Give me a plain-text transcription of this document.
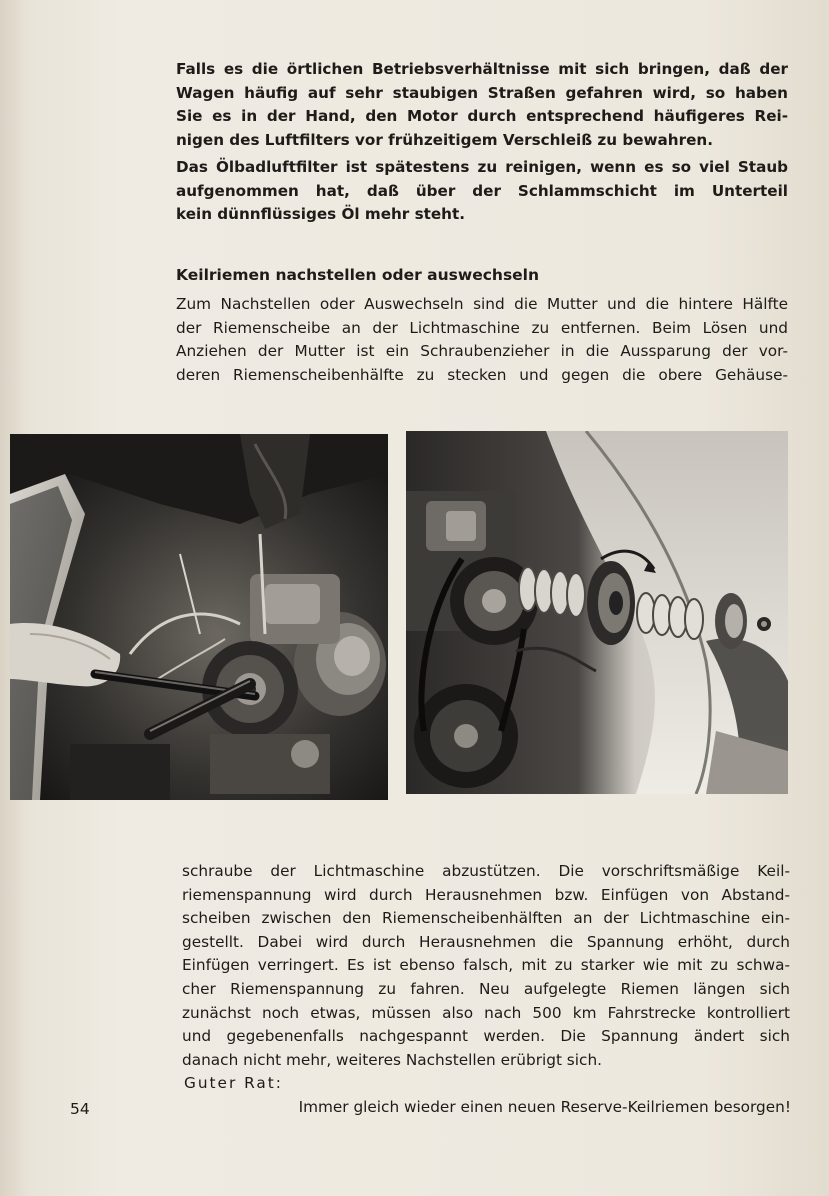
Falls es die örtlichen Betriebsverhältnisse mit sich bringen, daß der
Wagen häufig auf sehr staubigen Straßen gefahren wird, so haben
Sie es in der Hand, den Motor durch entsprechend häufigeres Rei-
nigen des Luftfilters vor frühzeitigem Verschleiß zu bewahren.
Das Ölbadluftfilter ist spätestens zu reinigen, wenn es so viel Staub
aufgenommen hat, daß über der Schlammschicht im Unterteil
kein dünnflüssiges Öl mehr steht.
Keilriemen nachstellen oder auswechseln
Zum Nachstellen oder Auswechseln sind die Mutter und die hintere Hälfte
der Riemenscheibe an der Lichtmaschine zu entfernen. Beim Lösen und
Anziehen der Mutter ist ein Schraubenzieher in die Aussparung der vor-
deren Riemenscheibenhälfte zu stecken und gegen die obere Gehäuse-
schraube der Lichtmaschine abzustützen. Die vorschriftsmäßige Keil-
riemenspannung wird durch Herausnehmen bzw. Einfügen von Abstand-
scheiben zwischen den Riemenscheibenhälften an der Lichtmaschine ein-
gestellt. Dabei wird durch Herausnehmen die Spannung erhöht, durch
Einfügen verringert. Es ist ebenso falsch, mit zu starker wie mit zu schwa-
cher Riemenspannung zu fahren. Neu aufgelegte Riemen längen sich
zunächst noch etwas, müssen also nach 500 km Fahrstrecke kontrolliert
und gegebenenfalls nachgespannt werden. Die Spannung ändert sich
danach nicht mehr, weiteres Nachstellen erübrigt sich.
Guter Rat:
54	Immer gleich wieder einen neuen Reserve-Keilriemen besorgen!
